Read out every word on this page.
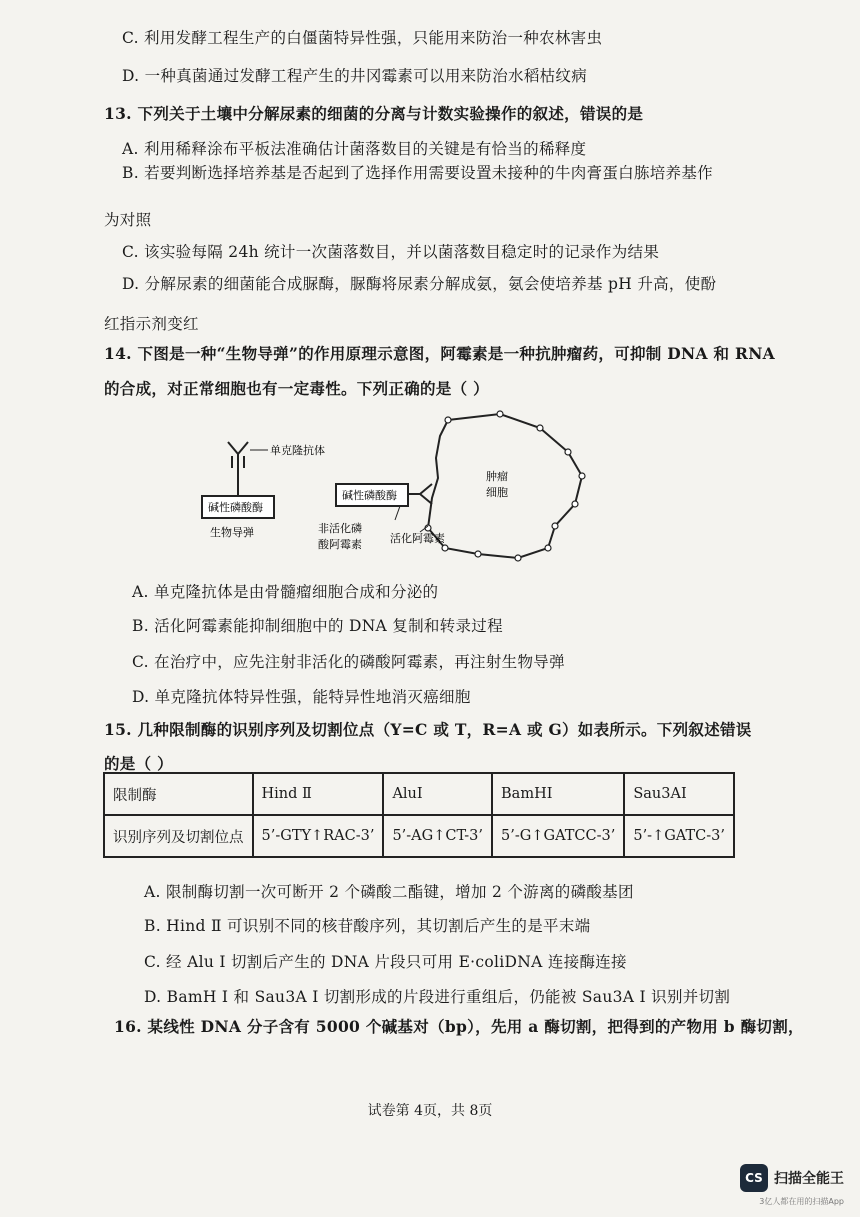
C. 利用发酵工程生产的白僵菌特异性强，只能用来防治一种农林害虫
D. 一种真菌通过发酵工程产生的井冈霉素可以用来防治水稻枯纹病
13. 下列关于土壤中分解尿素的细菌的分离与计数实验操作的叙述，错误的是
A. 利用稀释涂布平板法准确估计菌落数目的关键是有恰当的稀释度
B. 若要判断选择培养基是否起到了选择作用需要设置未接种的牛肉膏蛋白胨培养基作
为对照
C. 该实验每隔 24h 统计一次菌落数目，并以菌落数目稳定时的记录作为结果
D. 分解尿素的细菌能合成脲酶，脲酶将尿素分解成氨，氨会使培养基 pH 升高，使酚
红指示剂变红
14. 下图是一种“生物导弹”的作用原理示意图，阿霉素是一种抗肿瘤药，可抑制 DNA 和 RNA
的合成，对正常细胞也有一定毒性。下列正确的是（ ）
肿瘤
细胞
单克隆抗体
碱性磷酸酶
生物导弹
碱性磷酸酶
非活化磷
酸阿霉素	活化阿霉素
A. 单克隆抗体是由骨髓瘤细胞合成和分泌的
B. 活化阿霉素能抑制细胞中的 DNA 复制和转录过程
C. 在治疗中，应先注射非活化的磷酸阿霉素，再注射生物导弹
D. 单克隆抗体特异性强，能特异性地消灭癌细胞
15. 几种限制酶的识别序列及切割位点（Y=C 或 T，R=A 或 G）如表所示。下列叙述错误
的是（ ）
限制酶	Hind Ⅱ	AluI	BamHI	Sau3AI
识别序列及切割位点	5’-GTY↑RAC-3’	5’-AG↑CT-3’	5’-G↑GATCC-3’	5’-↑GATC-3’
A. 限制酶切割一次可断开 2 个磷酸二酯键，增加 2 个游离的磷酸基团
B. Hind Ⅱ 可识别不同的核苷酸序列，其切割后产生的是平末端
C. 经 Alu Ⅰ 切割后产生的 DNA 片段只可用 E·coliDNA 连接酶连接
D. BamH Ⅰ 和 Sau3A Ⅰ 切割形成的片段进行重组后，仍能被 Sau3A Ⅰ 识别并切割
16. 某线性 DNA 分子含有 5000 个碱基对（bp），先用 a 酶切割，把得到的产物用 b 酶切割，
试卷第 4页，共 8页
CS 扫描全能王
3亿人都在用的扫描App
